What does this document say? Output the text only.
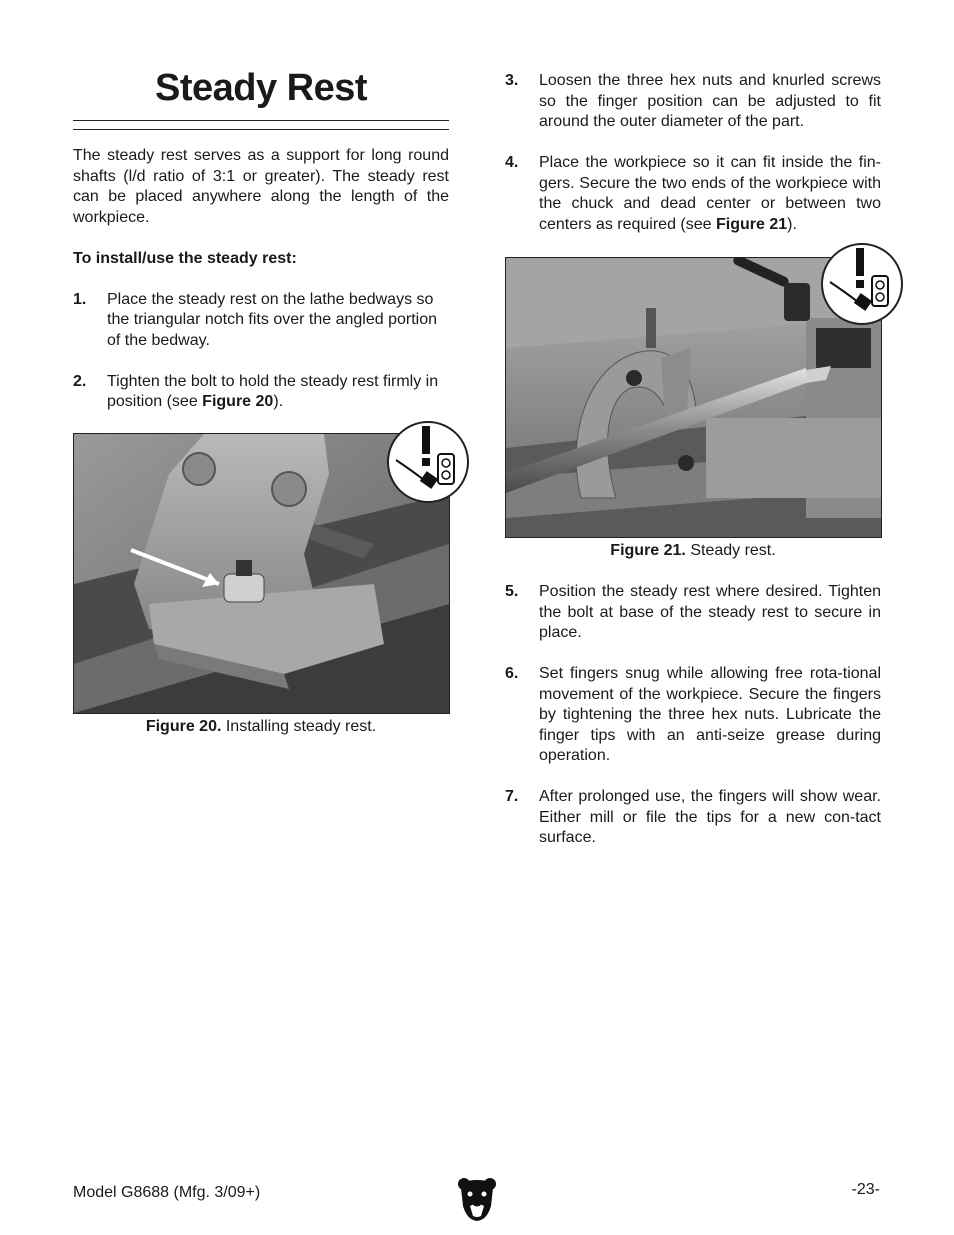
Steady Rest

The steady rest serves as a support for long round shafts (l/d ratio of 3:1 or greater). The steady rest can be placed anywhere along the length of the workpiece.

To install/use the steady rest:

1.	Place the steady rest on the lathe bedways so the triangular notch fits over the angled portion of the bedway.
2.	Tighten the bolt to hold the steady rest firmly in position (see Figure 20).
Figure 20. Installing steady rest.
3.	Loosen the three hex nuts and knurled screws so the finger position can be adjusted to fit around the outer diameter of the part.
4.	Place the workpiece so it can fit inside the fin-gers. Secure the two ends of the workpiece with the chuck and dead center or between two centers as required (see Figure 21).
Figure 21. Steady rest.
5.	Position the steady rest where desired. Tighten the bolt at base of the steady rest to secure in place.
6.	Set fingers snug while allowing free rota-tional movement of the workpiece. Secure the fingers by tightening the three hex nuts. Lubricate the finger tips with an anti-seize grease during operation.
7.	After prolonged use, the fingers will show wear. Either mill or file the tips for a new con-tact surface.
Model G8688 (Mfg. 3/09+)	-23-
